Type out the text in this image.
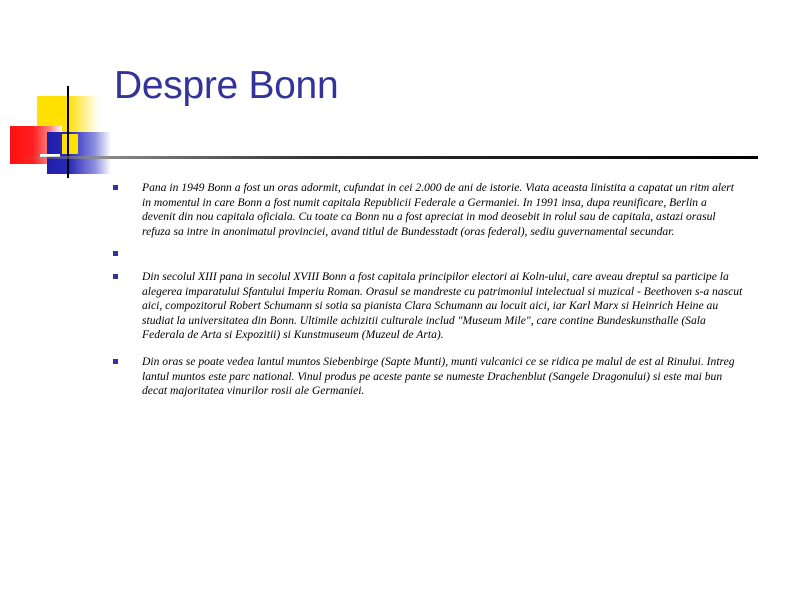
Despre Bonn
Pana in 1949 Bonn a fost un oras adormit, cufundat in cei 2.000 de ani de istorie. Viata aceasta linistita a capatat un ritm alert in momentul in care Bonn a fost numit capitala Republicii Federale a Germaniei. In 1991 insa, dupa reunificare, Berlin a devenit din nou capitala oficiala. Cu toate ca Bonn nu a fost apreciat in mod deosebit in rolul sau de capitala, astazi orasul refuza sa intre in anonimatul provinciei, avand titlul de Bundesstadt (oras federal), sediu guvernamental secundar.
Din secolul XIII pana in secolul XVIII Bonn a fost capitala principilor electori ai Koln-ului, care aveau dreptul sa participe la alegerea imparatului Sfantului Imperiu Roman. Orasul se mandreste cu patrimoniul intelectual si muzical - Beethoven s-a nascut aici, compozitorul Robert Schumann si sotia sa pianista Clara Schumann au locuit aici, iar Karl Marx si Heinrich Heine au studiat la universitatea din Bonn. Ultimile achizitii culturale includ "Museum Mile", care contine Bundeskunsthalle (Sala Federala de Arta si Expozitii) si Kunstmuseum (Muzeul de Arta).
Din oras se poate vedea lantul muntos Siebenbirge (Sapte Munti), munti vulcanici ce se ridica pe malul de est al Rinului. Intreg lantul muntos este parc national. Vinul produs pe aceste pante se numeste Drachenblut (Sangele Dragonului) si este mai bun decat majoritatea vinurilor rosii ale Germaniei.
